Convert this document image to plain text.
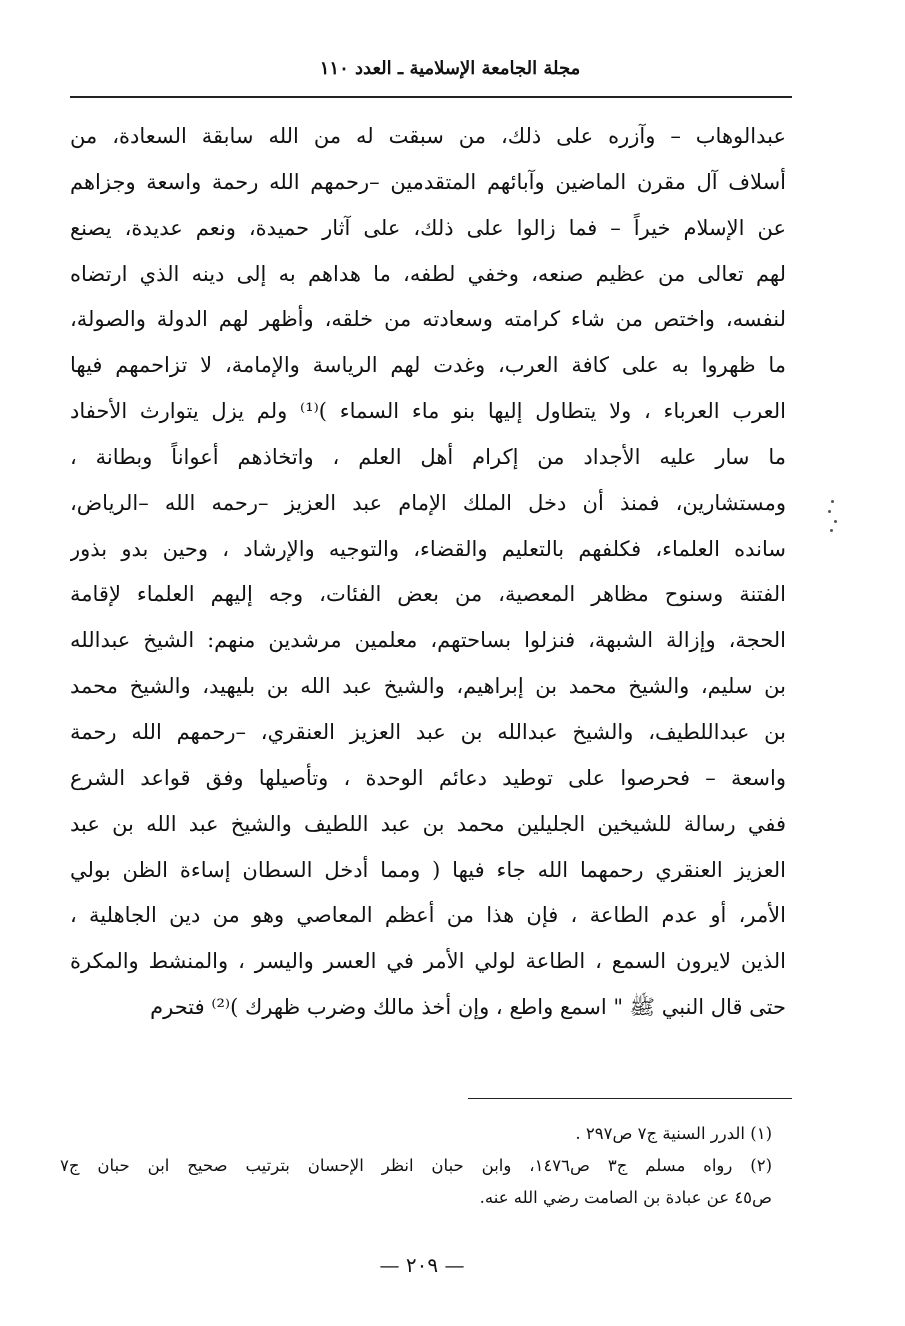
مجلة الجامعة الإسلامية ـ العدد ١١٠
عبدالوهاب – وآزره على ذلك، من سبقت له من الله سابقة السعادة، من
أسلاف آل مقرن الماضين وآبائهم المتقدمين –رحمهم الله رحمة واسعة وجزاهم
عن الإسلام خيراً – فما زالوا على ذلك، على آثار حميدة، ونعم عديدة، يصنع
لهم تعالى من عظيم صنعه، وخفي لطفه، ما هداهم به إلى دينه الذي ارتضاه
لنفسه، واختص من شاء كرامته وسعادته من خلقه، وأظهر لهم الدولة والصولة،
ما ظهروا به على كافة العرب، وغدت لهم الرياسة والإمامة، لا تزاحمهم فيها
العرب العرباء ، ولا يتطاول إليها بنو ماء السماء )⁽¹⁾ ولم يزل يتوارث الأحفاد
ما سار عليه الأجداد من إكرام أهل العلم ، واتخاذهم أعواناً وبطانة ،
ومستشارين، فمنذ أن دخل الملك الإمام عبد العزيز –رحمه الله –الرياض،
سانده العلماء، فكلفهم بالتعليم والقضاء، والتوجيه والإرشاد ، وحين بدو بذور
الفتنة وسنوح مظاهر المعصية، من بعض الفئات، وجه إليهم العلماء لإقامة
الحجة، وإزالة الشبهة، فنزلوا بساحتهم، معلمين مرشدين منهم: الشيخ عبدالله
بن سليم، والشيخ محمد بن إبراهيم، والشيخ عبد الله بن بليهيد، والشيخ محمد
بن عبداللطيف، والشيخ عبدالله بن عبد العزيز العنقري، –رحمهم الله رحمة
واسعة – فحرصوا على توطيد دعائم الوحدة ، وتأصيلها وفق قواعد الشرع
ففي رسالة للشيخين الجليلين محمد بن عبد اللطيف والشيخ عبد الله بن عبد
العزيز العنقري رحمهما الله جاء فيها ( ومما أدخل السطان إساءة الظن بولي
الأمر، أو عدم الطاعة ، فإن هذا من أعظم المعاصي وهو من دين الجاهلية ،
الذين لايرون السمع ، الطاعة لولي الأمر في العسر واليسر ، والمنشط والمكرة
حتى قال النبي ﷺ " اسمع واطع ، وإن أخذ مالك وضرب ظهرك )⁽²⁾ فتحرم
(١) الدرر السنية ج٧ ص٢٩٧ .
(٢) رواه مسلم ج٣ ص١٤٧٦، وابن حبان انظر الإحسان بترتيب صحيح ابن حبان ج٧
ص٤٥ عن عبادة بن الصامت رضي الله عنه.
— ٢٠٩ —
